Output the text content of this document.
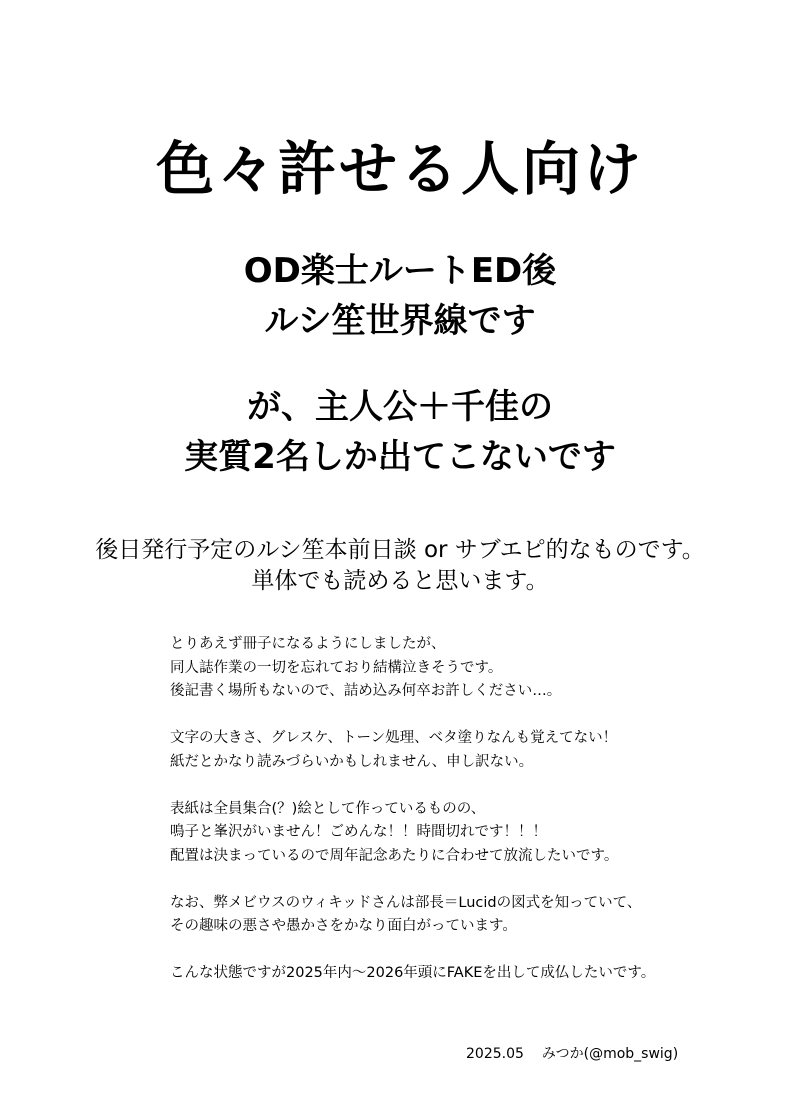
色々許せる人向け
OD楽士ルートED後
ルシ笙世界線です
が、主人公＋千佳の
実質2名しか出てこないです
後日発行予定のルシ笙本前日談 or サブエピ的なものです。
単体でも読めると思います。
とりあえず冊子になるようにしましたが、
同人誌作業の一切を忘れており結構泣きそうです。
後記書く場所もないので、詰め込み何卒お許しください…。
文字の大きさ、グレスケ、トーン処理、ベタ塗りなんも覚えてない！
紙だとかなり読みづらいかもしれません、申し訳ない。
表紙は全員集合(？)絵として作っているものの、
鳴子と峯沢がいません！ごめんな！！時間切れです！！！
配置は決まっているので周年記念あたりに合わせて放流したいです。
なお、弊メビウスのウィキッドさんは部長＝Lucidの図式を知っていて、
その趣味の悪さや愚かさをかなり面白がっています。
こんな状態ですが2025年内～2026年頭にFAKEを出して成仏したいです。
2025.05 みつか(@mob_swig)
